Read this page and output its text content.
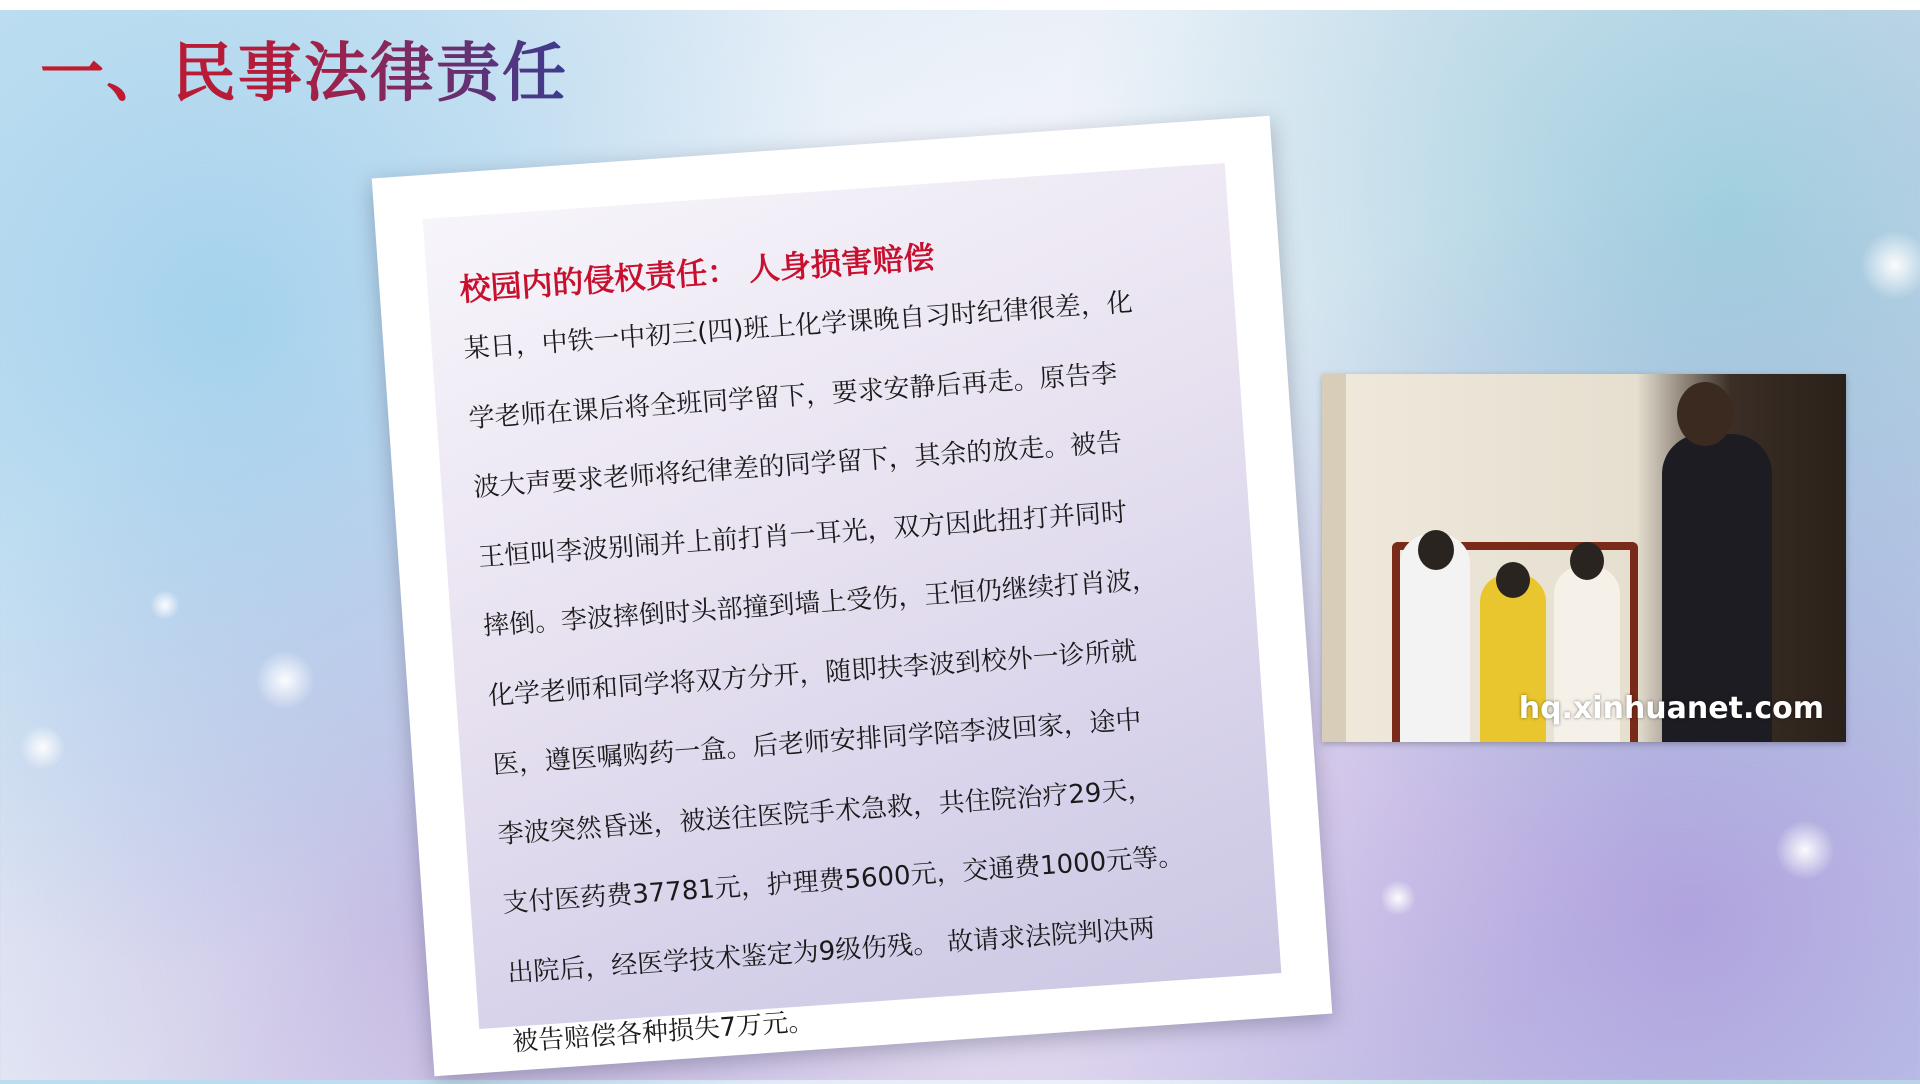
一、民事法律责任
校园内的侵权责任： 人身损害赔偿
某日，中铁一中初三(四)班上化学课晚自习时纪律很差，化
学老师在课后将全班同学留下，要求安静后再走。原告李
波大声要求老师将纪律差的同学留下，其余的放走。被告
王恒叫李波别闹并上前打肖一耳光，双方因此扭打并同时
摔倒。李波摔倒时头部撞到墙上受伤，王恒仍继续打肖波，
化学老师和同学将双方分开，随即扶李波到校外一诊所就
医，遵医嘱购药一盒。后老师安排同学陪李波回家，途中
李波突然昏迷，被送往医院手术急救，共住院治疗29天，
支付医药费37781元，护理费5600元，交通费1000元等。
出院后，经医学技术鉴定为9级伤残。 故请求法院判决两
被告赔偿各种损失7万元。
hq.xinhuanet.com
